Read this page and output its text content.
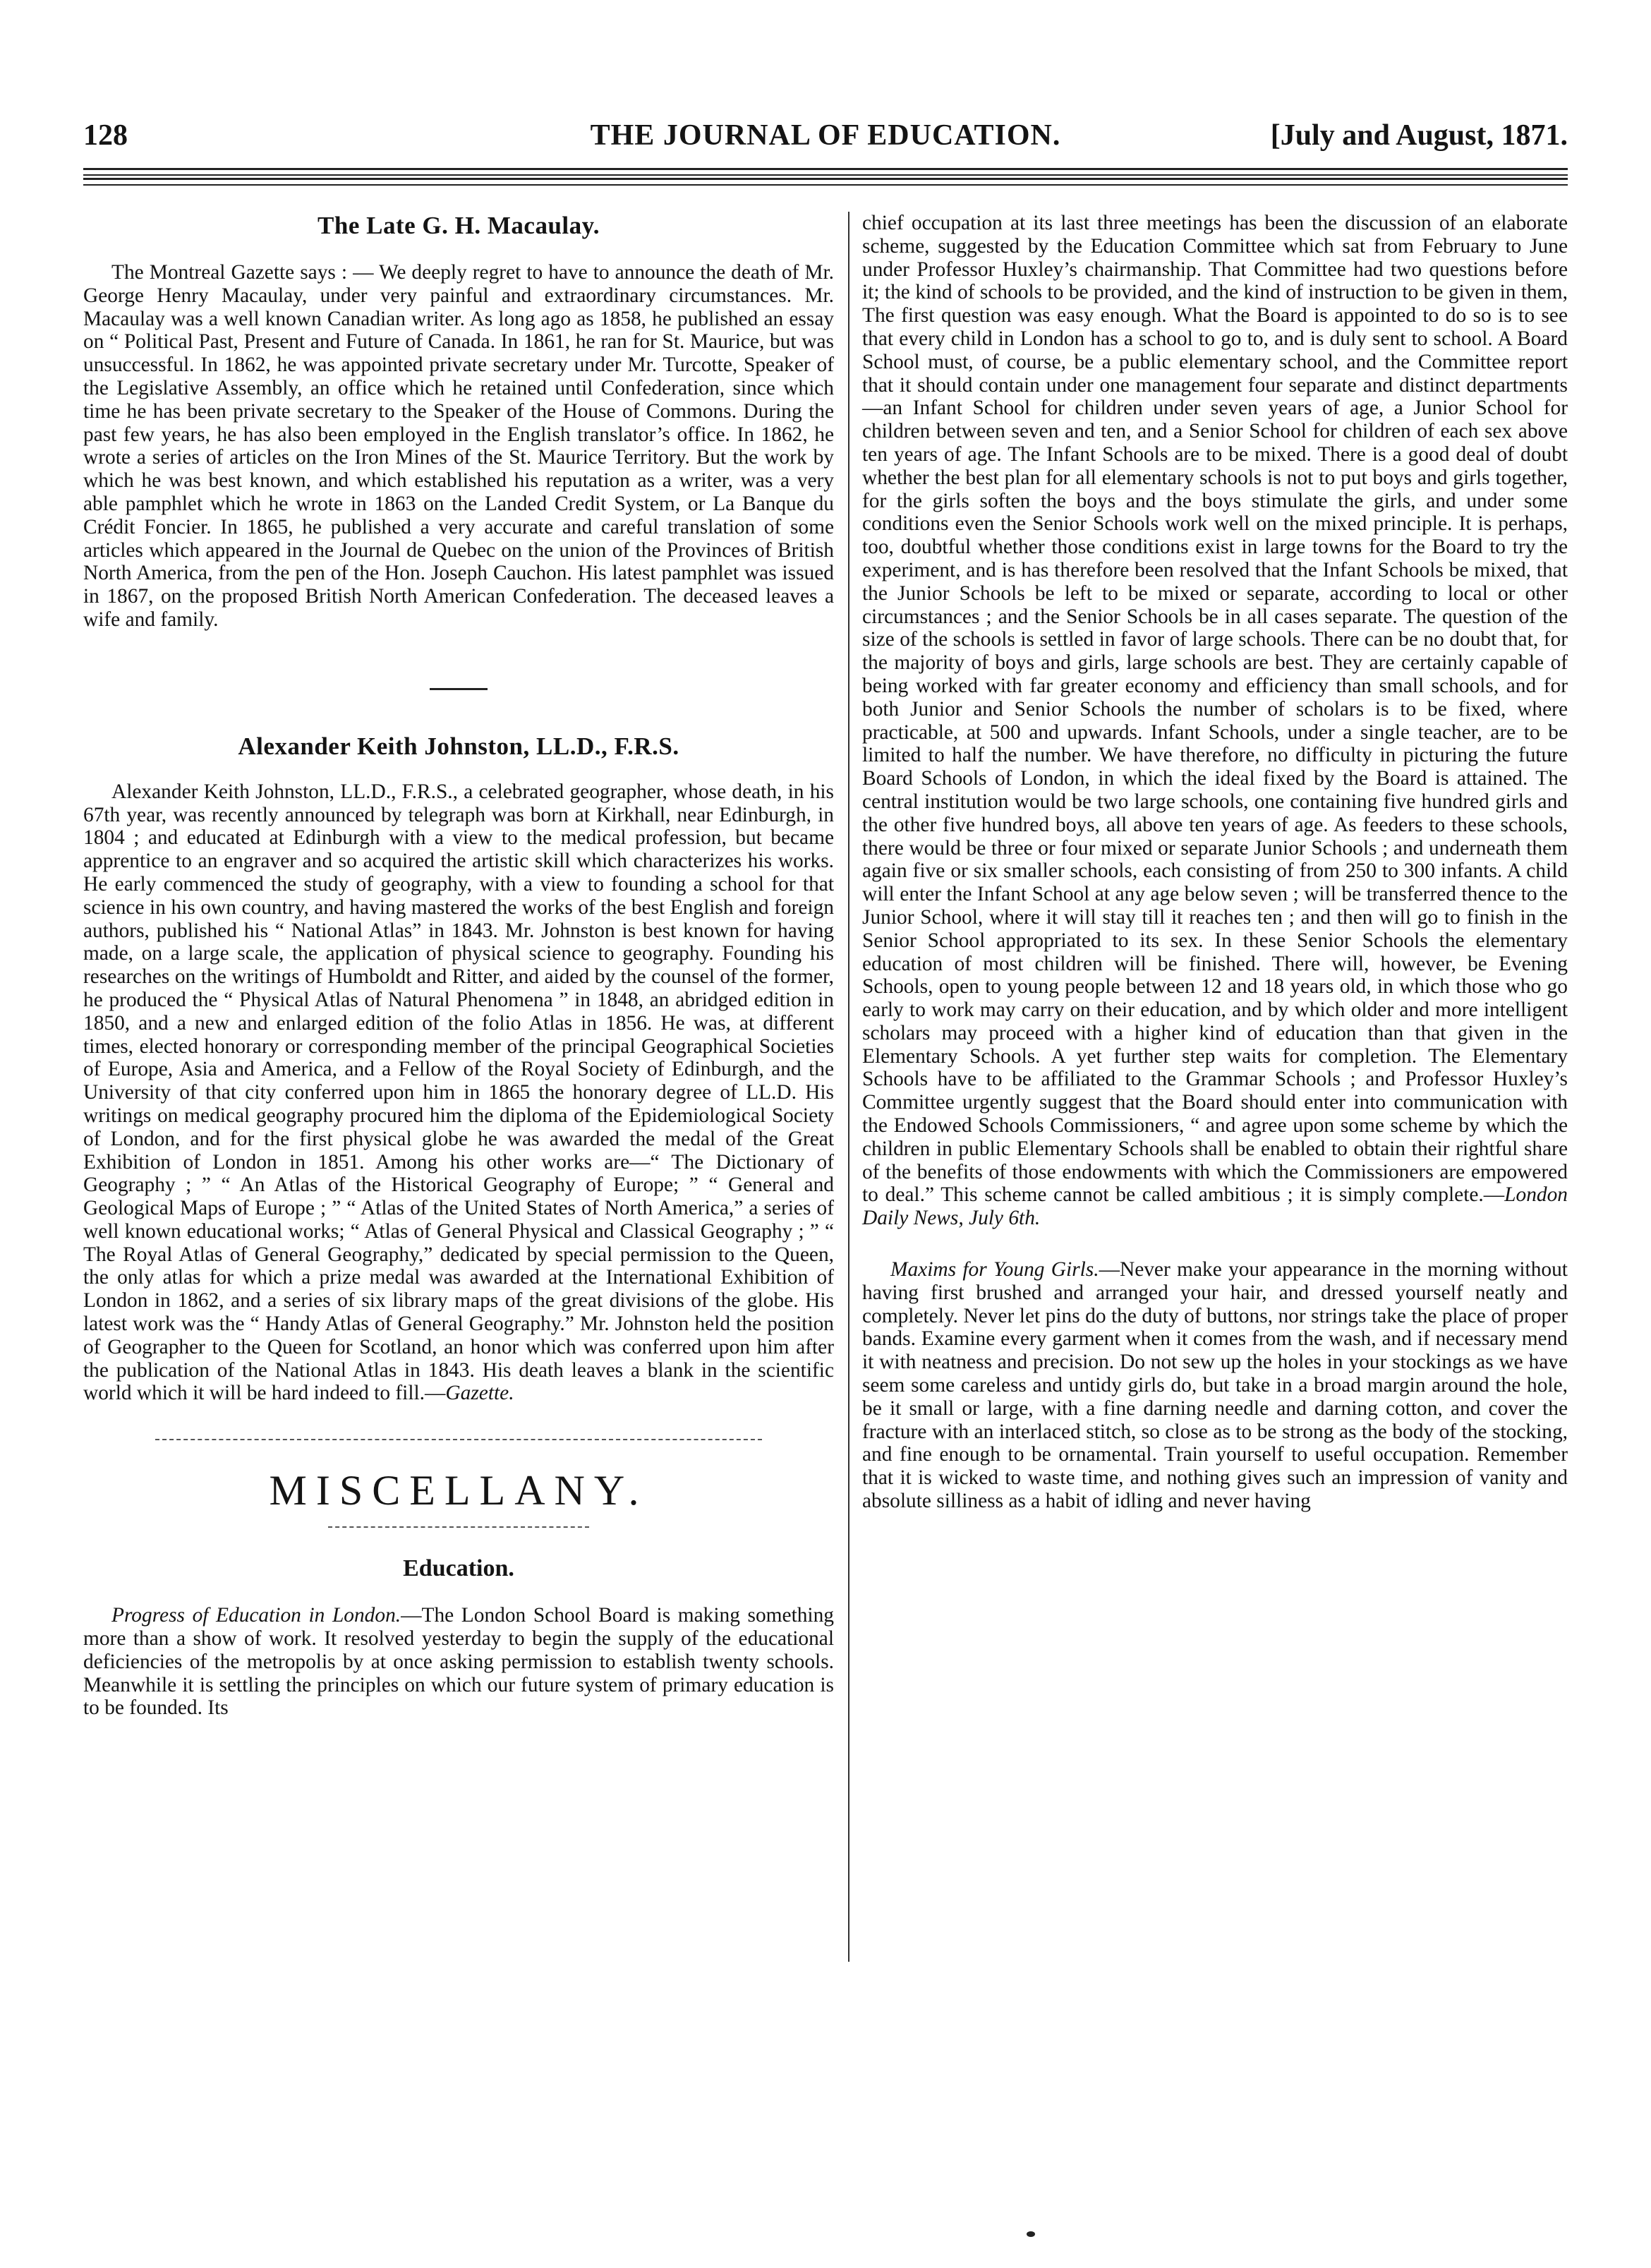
128	THE JOURNAL OF EDUCATION.	[July and August, 1871.
The Late G. H. Macaulay.

The Montreal Gazette says : — We deeply regret to have to announce the death of Mr. George Henry Macaulay, under very painful and extraordinary circumstances. Mr. Macaulay was a well known Canadian writer. As long ago as 1858, he published an essay on “ Political Past, Present and Future of Canada. In 1861, he ran for St. Maurice, but was unsuccessful. In 1862, he was appointed private secretary under Mr. Turcotte, Speaker of the Legislative Assembly, an office which he retained until Confederation, since which time he has been private secretary to the Speaker of the House of Commons. During the past few years, he has also been employed in the English translator’s office. In 1862, he wrote a series of articles on the Iron Mines of the St. Maurice Territory. But the work by which he was best known, and which established his reputation as a writer, was a very able pamphlet which he wrote in 1863 on the Landed Credit System, or La Banque du Crédit Foncier. In 1865, he published a very accurate and careful translation of some articles which appeared in the Journal de Quebec on the union of the Provinces of British North America, from the pen of the Hon. Joseph Cauchon. His latest pamphlet was issued in 1867, on the proposed British North American Confederation. The deceased leaves a wife and family.

Alexander Keith Johnston, LL.D., F.R.S.

Alexander Keith Johnston, LL.D., F.R.S., a celebrated geographer, whose death, in his 67th year, was recently announced by telegraph was born at Kirkhall, near Edinburgh, in 1804 ; and educated at Edinburgh with a view to the medical profession, but became apprentice to an engraver and so acquired the artistic skill which characterizes his works. He early commenced the study of geography, with a view to founding a school for that science in his own country, and having mastered the works of the best English and foreign authors, published his “ National Atlas” in 1843. Mr. Johnston is best known for having made, on a large scale, the application of physical science to geography. Founding his researches on the writings of Humboldt and Ritter, and aided by the counsel of the former, he produced the “ Physical Atlas of Natural Phenomena ” in 1848, an abridged edition in 1850, and a new and enlarged edition of the folio Atlas in 1856. He was, at different times, elected honorary or corresponding member of the principal Geographical Societies of Europe, Asia and America, and a Fellow of the Royal Society of Edinburgh, and the University of that city conferred upon him in 1865 the honorary degree of LL.D. His writings on medical geography procured him the diploma of the Epidemiological Society of London, and for the first physical globe he was awarded the medal of the Great Exhibition of London in 1851. Among his other works are—“ The Dictionary of Geography ; ” “ An Atlas of the Historical Geography of Europe; ” “ General and Geological Maps of Europe ; ” “ Atlas of the United States of North America,” a series of well known educational works; “ Atlas of General Physical and Classical Geography ; ” “ The Royal Atlas of General Geography,” dedicated by special permission to the Queen, the only atlas for which a prize medal was awarded at the International Exhibition of London in 1862, and a series of six library maps of the great divisions of the globe. His latest work was the “ Handy Atlas of General Geography.” Mr. Johnston held the position of Geographer to the Queen for Scotland, an honor which was conferred upon him after the publication of the National Atlas in 1843. His death leaves a blank in the scientific world which it will be hard indeed to fill.—Gazette.

MISCELLANY.
Education.

Progress of Education in London.—The London School Board is making something more than a show of work. It resolved yesterday to begin the supply of the educational deficiencies of the metropolis by at once asking permission to establish twenty schools. Meanwhile it is settling the principles on which our future system of primary education is to be founded. Its

chief occupation at its last three meetings has been the discussion of an elaborate scheme, suggested by the Education Committee which sat from February to June under Professor Huxley’s chairmanship. That Committee had two questions before it; the kind of schools to be provided, and the kind of instruction to be given in them, The first question was easy enough. What the Board is appointed to do so is to see that every child in London has a school to go to, and is duly sent to school. A Board School must, of course, be a public elementary school, and the Committee report that it should contain under one management four separate and distinct departments—an Infant School for children under seven years of age, a Junior School for children between seven and ten, and a Senior School for children of each sex above ten years of age. The Infant Schools are to be mixed. There is a good deal of doubt whether the best plan for all elementary schools is not to put boys and girls together, for the girls soften the boys and the boys stimulate the girls, and under some conditions even the Senior Schools work well on the mixed principle. It is perhaps, too, doubtful whether those conditions exist in large towns for the Board to try the experiment, and is has therefore been resolved that the Infant Schools be mixed, that the Junior Schools be left to be mixed or separate, according to local or other circumstances ; and the Senior Schools be in all cases separate. The question of the size of the schools is settled in favor of large schools. There can be no doubt that, for the majority of boys and girls, large schools are best. They are certainly capable of being worked with far greater economy and efficiency than small schools, and for both Junior and Senior Schools the number of scholars is to be fixed, where practicable, at 500 and upwards. Infant Schools, under a single teacher, are to be limited to half the number. We have therefore, no difficulty in picturing the future Board Schools of London, in which the ideal fixed by the Board is attained. The central institution would be two large schools, one containing five hundred girls and the other five hundred boys, all above ten years of age. As feeders to these schools, there would be three or four mixed or separate Junior Schools ; and underneath them again five or six smaller schools, each consisting of from 250 to 300 infants. A child will enter the Infant School at any age below seven ; will be transferred thence to the Junior School, where it will stay till it reaches ten ; and then will go to finish in the Senior School appropriated to its sex. In these Senior Schools the elementary education of most children will be finished. There will, however, be Evening Schools, open to young people between 12 and 18 years old, in which those who go early to work may carry on their education, and by which older and more intelligent scholars may proceed with a higher kind of education than that given in the Elementary Schools. A yet further step waits for completion. The Elementary Schools have to be affiliated to the Grammar Schools ; and Professor Huxley’s Committee urgently suggest that the Board should enter into communication with the Endowed Schools Commissioners, “ and agree upon some scheme by which the children in public Elementary Schools shall be enabled to obtain their rightful share of the benefits of those endowments with which the Commissioners are empowered to deal.” This scheme cannot be called ambitious ; it is simply complete.—London Daily News, July 6th.

Maxims for Young Girls.—Never make your appearance in the morning without having first brushed and arranged your hair, and dressed yourself neatly and completely. Never let pins do the duty of buttons, nor strings take the place of proper bands. Examine every garment when it comes from the wash, and if necessary mend it with neatness and precision. Do not sew up the holes in your stockings as we have seem some careless and untidy girls do, but take in a broad margin around the hole, be it small or large, with a fine darning needle and darning cotton, and cover the fracture with an interlaced stitch, so close as to be strong as the body of the stocking, and fine enough to be ornamental. Train yourself to useful occupation. Remember that it is wicked to waste time, and nothing gives such an impression of vanity and absolute silliness as a habit of idling and never having
